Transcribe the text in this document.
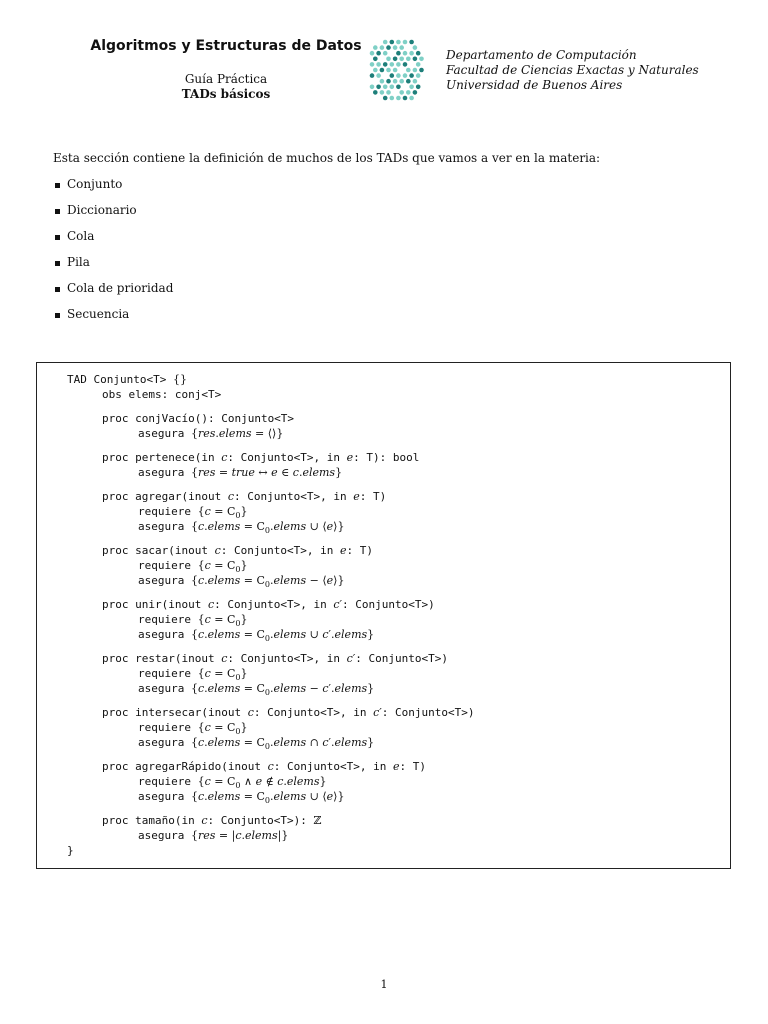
Algoritmos y Estructuras de Datos
Guía Práctica
TADs básicos
Departamento de Computación
Facultad de Ciencias Exactas y Naturales
Universidad de Buenos Aires
Esta sección contiene la definición de muchos de los TADs que vamos a ver en la materia:
Conjunto
Diccionario
Cola
Pila
Cola de prioridad
Secuencia
TAD Conjunto<T> {}
obs elems: conj<T>
proc conjVacío(): Conjunto<T>
asegura {res.elems = ⟨⟩}
proc pertenece(in c: Conjunto<T>, in e: T): bool
asegura {res = true ↔ e ∈ c.elems}
proc agregar(inout c: Conjunto<T>, in e: T)
requiere $\{c = C_0\}$
asegura {c.elems = $C_0.elems$ ∪ ⟨e⟩}
proc sacar(inout c: Conjunto<T>, in e: T)
requiere $\{c = C_0\}$
asegura {c.elems = $C_0.elems$ − ⟨e⟩}
proc unir(inout c: Conjunto<T>, in c′: Conjunto<T>)
requiere $\{c = C_0\}$
asegura {c.elems = $C_0.elems$ ∪ c′.elems}
proc restar(inout c: Conjunto<T>, in c′: Conjunto<T>)
requiere $\{c = C_0\}$
asegura {c.elems = $C_0.elems$ − c′.elems}
proc intersecar(inout c: Conjunto<T>, in c′: Conjunto<T>)
requiere $\{c = C_0\}$
asegura {c.elems = $C_0.elems$ ∩ c′.elems}
proc agregarRápido(inout c: Conjunto<T>, in e: T)
requiere {$c = C_0$ ∧ e ∉ c.elems}
asegura {c.elems = $C_0.elems$ ∪ ⟨e⟩}
proc tamaño(in c: Conjunto<T>): ℤ
asegura {res = |c.elems|}
}
1
